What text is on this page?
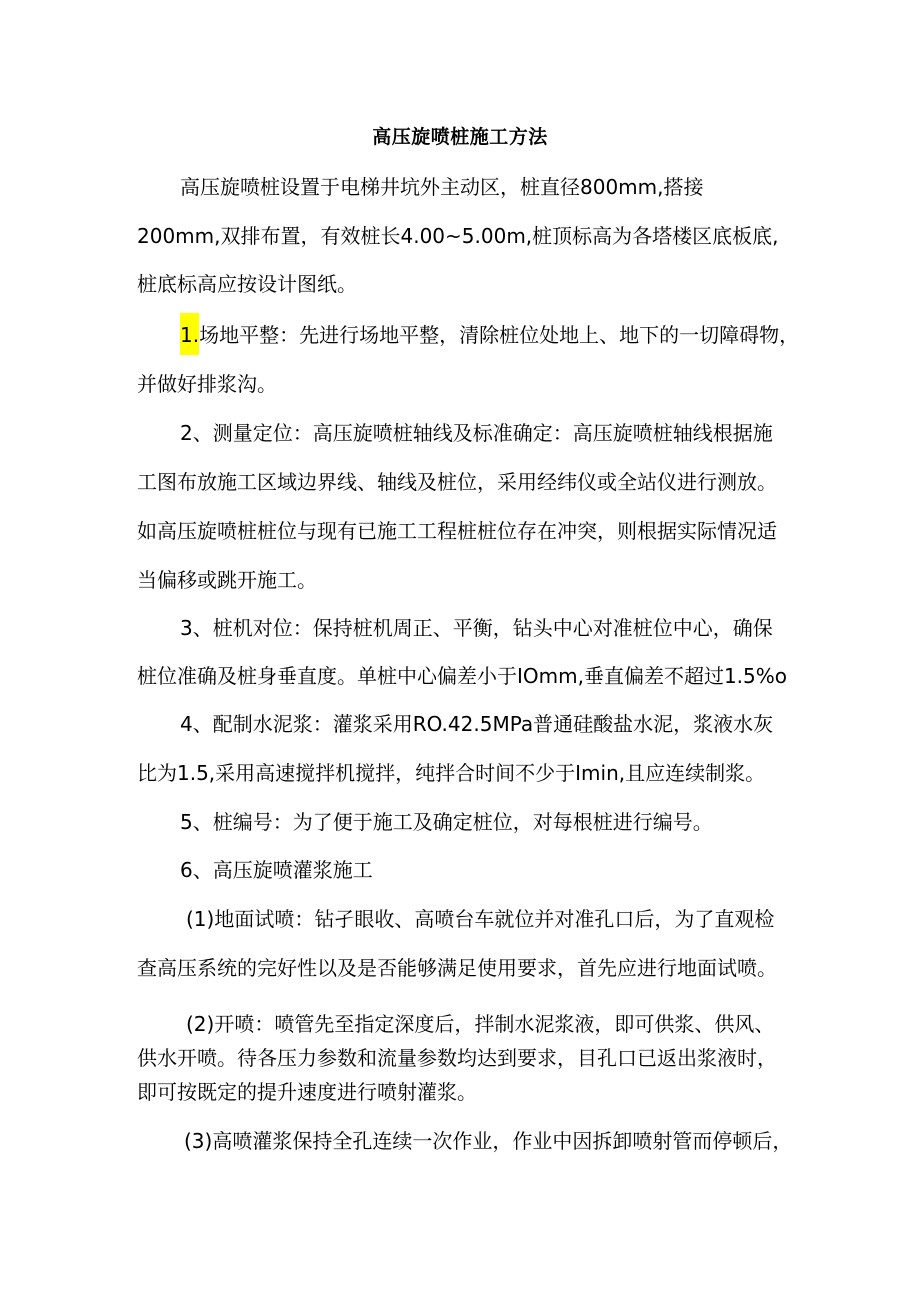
高压旋喷桩施工方法
高压旋喷桩设置于电梯井坑外主动区，桩直径800mm,搭接
200mm,双排布置，有效桩长4.00~5.00m,桩顶标高为各塔楼区底板底,
桩底标高应按设计图纸。
1.场地平整：先进行场地平整，清除桩位处地上、地下的一切障碍物，
并做好排浆沟。
2、测量定位：高压旋喷桩轴线及标准确定：高压旋喷桩轴线根据施
工图布放施工区域边界线、轴线及桩位，采用经纬仪或全站仪进行测放。
如高压旋喷桩桩位与现有已施工工程桩桩位存在冲突，则根据实际情况适
当偏移或跳开施工。
3、桩机对位：保持桩机周正、平衡，钻头中心对准桩位中心，确保
桩位准确及桩身垂直度。单桩中心偏差小于IOmm,垂直偏差不超过1.5%o
4、配制水泥浆：灌浆采用RO.42.5MPa普通硅酸盐水泥，浆液水灰
比为1.5,采用高速搅拌机搅拌，纯拌合时间不少于Imin,且应连续制浆。
5、桩编号：为了便于施工及确定桩位，对每根桩进行编号。
6、高压旋喷灌浆施工
(1)地面试喷：钻孑眼收、高喷台车就位并对准孔口后，为了直观检
查高压系统的完好性以及是否能够满足使用要求，首先应进行地面试喷。
(2)开喷：喷管先至指定深度后，拌制水泥浆液，即可供浆、供风、
供水开喷。待各压力参数和流量参数均达到要求，目孔口已返出浆液时，
即可按既定的提升速度进行喷射灌浆。
(3)高喷灌浆保持全孔连续一次作业，作业中因拆卸喷射管而停顿后，
